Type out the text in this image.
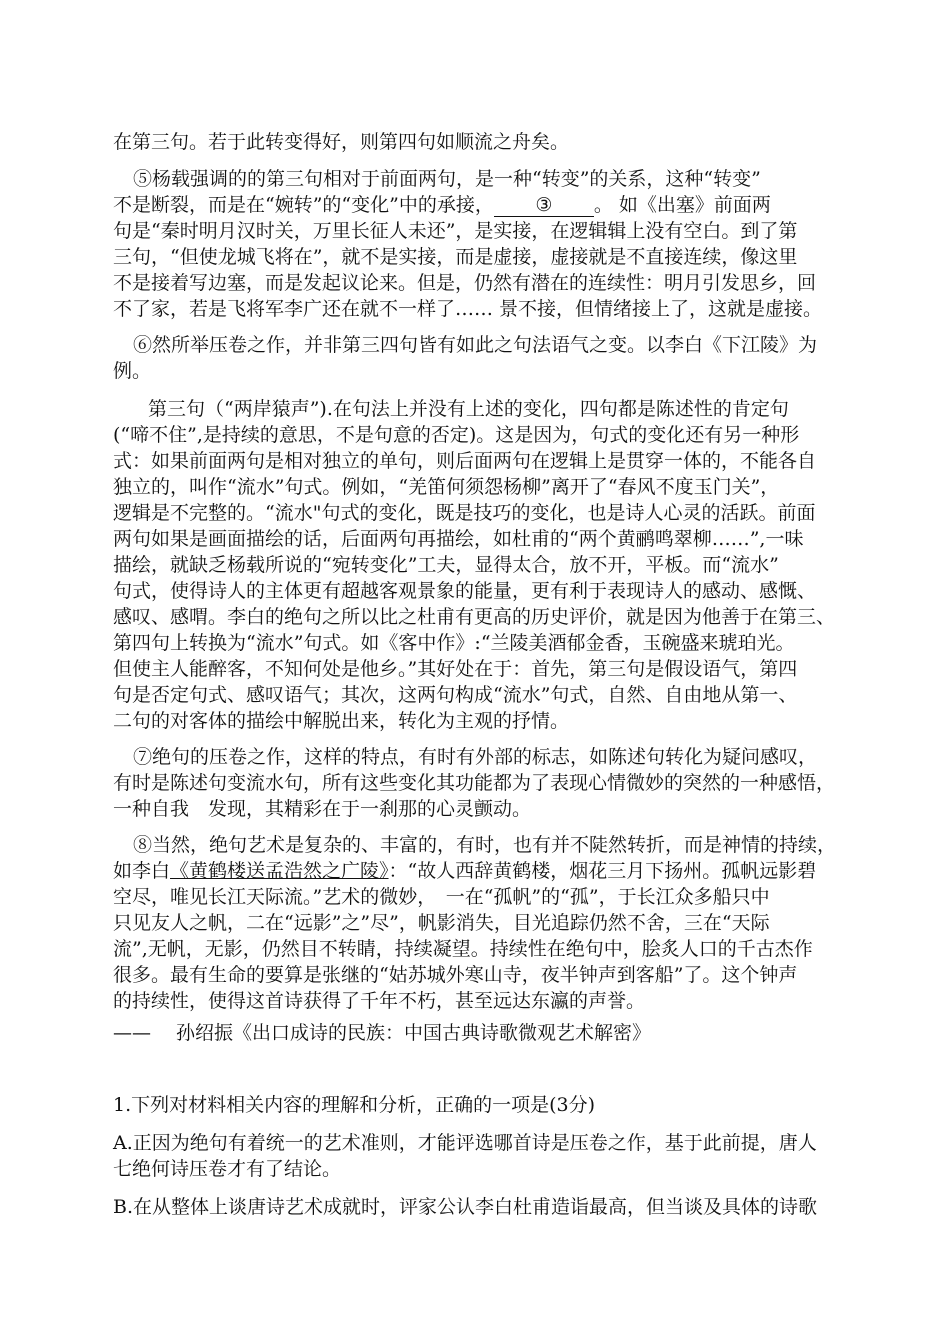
在第三句。若于此转变得好，则第四句如顺流之舟矣。
⑤杨载强调的的第三句相对于前面两句，是一种“转变”的关系，这种“转变”
不是断裂，而是在“婉转”的“变化”中的承接， ③ 。 如《出塞》前面两
句是“秦时明月汉时关，万里长征人未还”，是实接，在逻辑辑上没有空白。到了第
三句，“但使龙城飞将在”，就不是实接，而是虚接，虚接就是不直接连续，像这里
不是接着写边塞，而是发起议论来。但是，仍然有潜在的连续性：明月引发思乡，回
不了家，若是飞将军李广还在就不一样了…… 景不接，但情绪接上了，这就是虚接。
⑥然所举压卷之作，并非第三四句皆有如此之句法语气之变。以李白《下江陵》为
例。
第三句（“两岸猿声”).在句法上并没有上述的变化，四句都是陈述性的肯定句
(“啼不住”,是持续的意思，不是句意的否定)。这是因为，句式的变化还有另一种形
式：如果前面两句是相对独立的单句，则后面两句在逻辑上是贯穿一体的，不能各自
独立的，叫作“流水”句式。例如，“羌笛何须怨杨柳”离开了“春风不度玉门关”，
逻辑是不完整的。“流水"句式的变化，既是技巧的变化，也是诗人心灵的活跃。前面
两句如果是画面描绘的话，后面两句再描绘，如杜甫的“两个黄鹂鸣翠柳……”,一味
描绘，就缺乏杨载所说的“宛转变化”工夫，显得太合，放不开，平板。而“流水”
句式，使得诗人的主体更有超越客观景象的能量，更有利于表现诗人的感动、感慨、
感叹、感喟。李白的绝句之所以比之杜甫有更高的历史评价，就是因为他善于在第三、
第四句上转换为“流水”句式。如《客中作》:“兰陵美酒郁金香，玉碗盛来琥珀光。
但使主人能醉客，不知何处是他乡。”其好处在于：首先，第三句是假设语气，第四
句是否定句式、感叹语气；其次，这两句构成“流水”句式，自然、自由地从第一、
二句的对客体的描绘中解脱出来，转化为主观的抒情。
⑦绝句的压卷之作，这样的特点，有时有外部的标志，如陈述句转化为疑问感叹，
有时是陈述句变流水句，所有这些变化其功能都为了表现心情微妙的突然的一种感悟，
一种自我　发现，其精彩在于一刹那的心灵颤动。
⑧当然，绝句艺术是复杂的、丰富的，有时，也有并不陡然转折，而是神情的持续，
如李白《黄鹤楼送孟浩然之广陵》：“故人西辞黄鹤楼，烟花三月下扬州。孤帆远影碧
空尽，唯见长江天际流。”艺术的微妙，　一在“孤帆”的“孤”，于长江众多船只中
只见友人之帆，二在“远影”之”尽”，帆影消失，目光追踪仍然不舍，三在“天际
流”,无帆，无影，仍然目不转睛，持续凝望。持续性在绝句中，脍炙人口的千古杰作
很多。最有生命的要算是张继的“姑苏城外寒山寺，夜半钟声到客船”了。这个钟声
的持续性，使得这首诗获得了千年不朽，甚至远达东瀛的声誉。
——　 孙绍振《出口成诗的民族：中国古典诗歌微观艺术解密》
1.下列对材料相关内容的理解和分析，正确的一项是(3分)
A.正因为绝句有着统一的艺术准则，才能评选哪首诗是压卷之作，基于此前提，唐人
七绝何诗压卷才有了结论。
B.在从整体上谈唐诗艺术成就时，评家公认李白杜甫造诣最高，但当谈及具体的诗歌
